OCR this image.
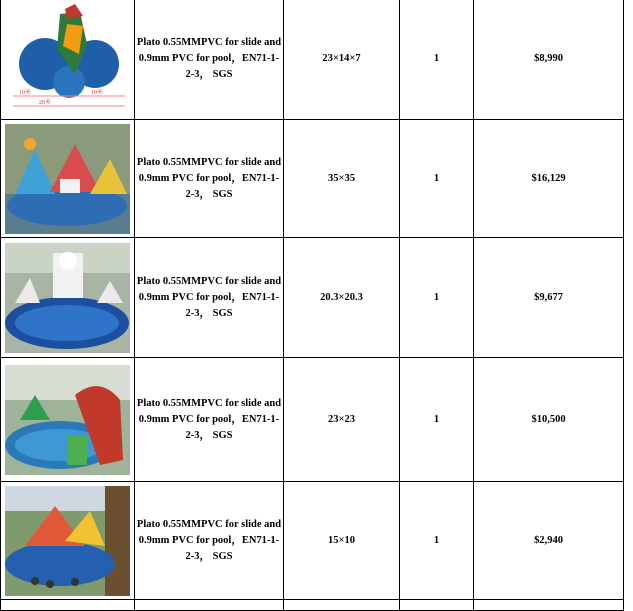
10米
20米
10米	Plato 0.55MMPVC for slide and 0.9mm PVC for pool，EN71-1-2-3， SGS	23×14×7	1	$8,990

	Plato 0.55MMPVC for slide and 0.9mm PVC for pool，EN71-1-2-3， SGS	35×35	1	$16,129

	Plato 0.55MMPVC for slide and 0.9mm PVC for pool，EN71-1-2-3， SGS	20.3×20.3	1	$9,677

	Plato 0.55MMPVC for slide and 0.9mm PVC for pool，EN71-1-2-3， SGS	23×23	1	$10,500

	Plato 0.55MMPVC for slide and 0.9mm PVC for pool，EN71-1-2-3， SGS	15×10	1	$2,940
